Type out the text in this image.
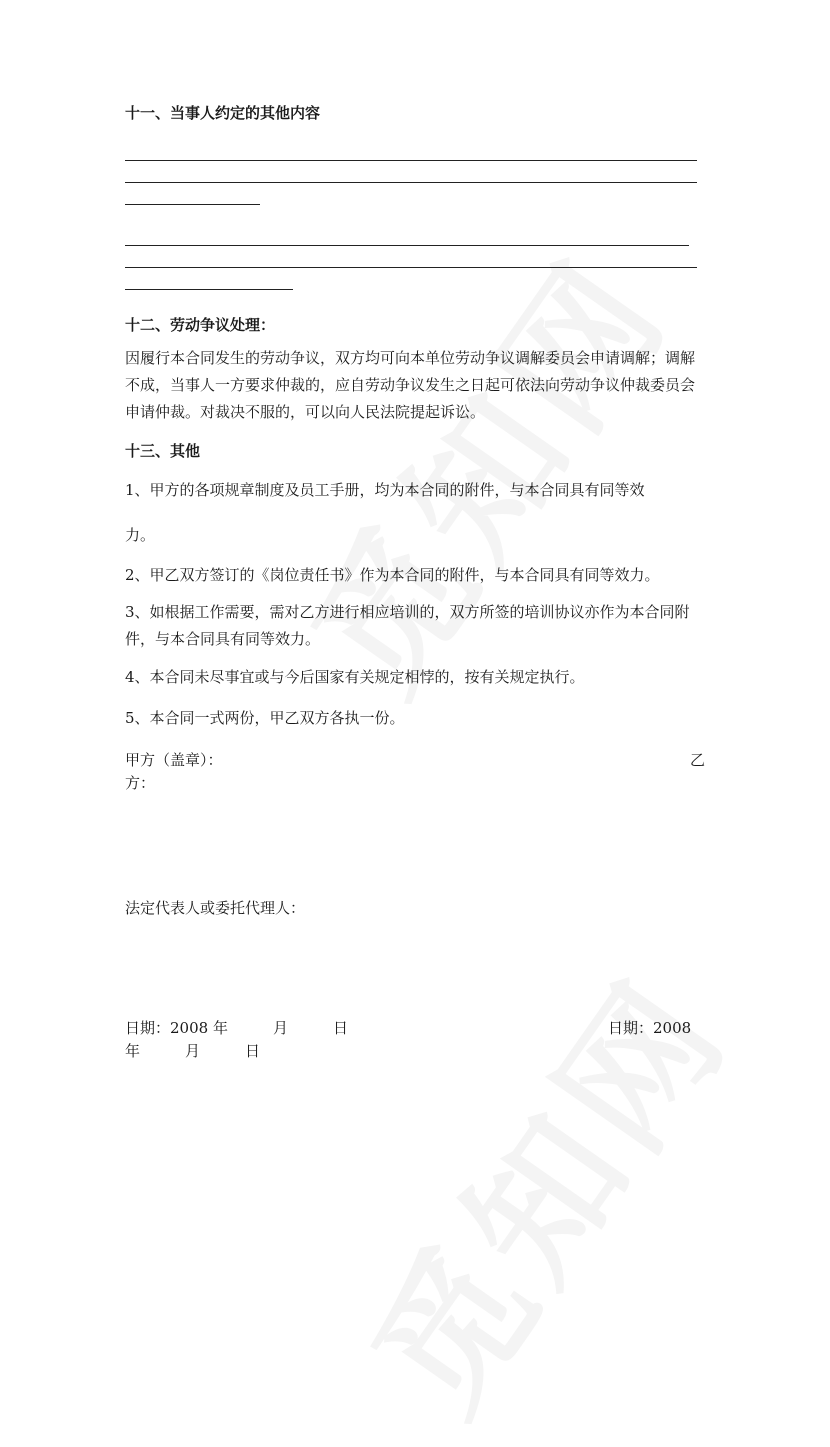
十一、当事人约定的其他内容
十二、劳动争议处理：

因履行本合同发生的劳动争议，双方均可向本单位劳动争议调解委员会申请调解；调解不成，当事人一方要求仲裁的，应自劳动争议发生之日起可依法向劳动争议仲裁委员会申请仲裁。对裁决不服的，可以向人民法院提起诉讼。

十三、其他

1、甲方的各项规章制度及员工手册，均为本合同的附件，与本合同具有同等效

力。

2、甲乙双方签订的《岗位责任书》作为本合同的附件，与本合同具有同等效力。

3、如根据工作需要，需对乙方进行相应培训的，双方所签的培训协议亦作为本合同附件，与本合同具有同等效力。

4、本合同未尽事宜或与今后国家有关规定相悖的，按有关规定执行。

5、本合同一式两份，甲乙双方各执一份。

甲方（盖章）：	乙

方：

法定代表人或委托代理人：

日期：2008 年　　　月　　　日	日期：2008

年　　　月　　　日
